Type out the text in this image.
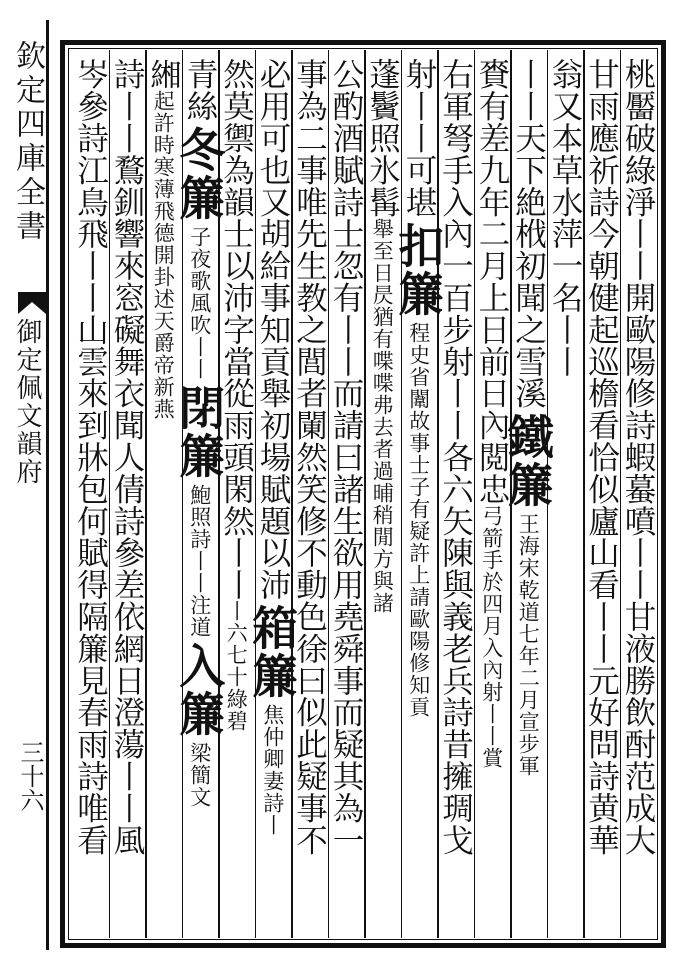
欽定四庫全書
御定佩文韻府
三十六	桃靨破綠淨丨丨開歐陽修詩蝦蟇噴丨丨甘液勝飲酎范成大
甘雨應祈詩今朝健起巡檐看恰似廬山看丨丨元好問詩黄華
翁又本草水萍一名丨丨
丨丨天下絶栰初聞之雪溪
鐵簾
王海宋乾道七年二月宣步軍
賚有差九年二月上日前日內閲忠
弓箭手於四月入內射丨丨賞
右軍弩手入內一百步射丨丨各六矢陳與義老兵詩昔擁琱戈
射丨丨可堪
扣簾
程史省闈故事士子有疑許上請歐陽修知貢
蓬鬢照氷髯
舉至日昃猶有喋喋弗去者過晡稍閒方與諸
公酌酒賦詩士忽有丨丨而請曰諸生欲用堯舜事而疑其為一
事為二事唯先生教之閭者䦨然笑修不動色徐曰似此疑事不
必用可也又胡給事知貢舉初場賦題以沛
箱簾
焦仲卿妻詩丨
然莫禦為韻士以沛字當從雨頭閑然丨丨
丨六七十綠碧
青絲
冬簾
子夜歌風吹丨丨
閉簾
鮑照詩丨丨注道
入簾
梁簡文
緗
起許時寒薄飛
德開卦述天爵
帝新燕
詩丨丨鶩釧響來窓礙舞衣聞人倩詩參差依網日澄蕩丨丨風
岑參詩江鳥飛丨丨山雲來到牀包何賦得隔簾見春雨詩唯看
